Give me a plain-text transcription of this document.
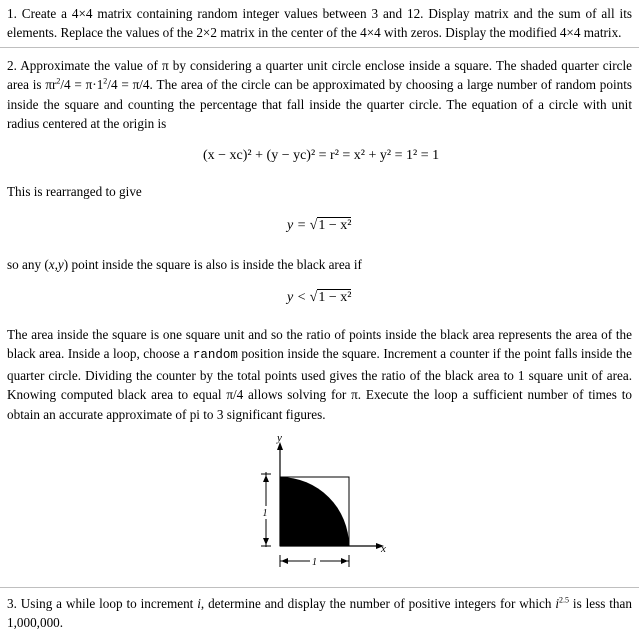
1. Create a 4×4 matrix containing random integer values between 3 and 12. Display matrix and the sum of all its elements. Replace the values of the 2×2 matrix in the center of the 4×4 with zeros. Display the modified 4×4 matrix.
2. Approximate the value of π by considering a quarter unit circle enclose inside a square. The shaded quarter circle area is $\pi r^2/4 = \pi\cdot 1^2/4 = \pi/4$. The area of the circle can be approximated by choosing a large number of random points inside the square and counting the percentage that fall inside the quarter circle. The equation of a circle with unit radius centered at the origin is
(x − xc)² + (y − yc)² = r² = x² + y² = 1² = 1
This is rearranged to give
y = √1 − x²
so any (x,y) point inside the square is also is inside the black area if
y < √1 − x²
The area inside the square is one square unit and so the ratio of points inside the black area represents the area of the black area. Inside a loop, choose a random position inside the square. Increment a counter if the point falls inside the quarter circle. Dividing the counter by the total points used gives the ratio of the black area to 1 square unit of area. Knowing computed black area to equal π/4 allows solving for π. Execute the loop a sufficient number of times to obtain an accurate approximate of pi to 3 significant figures.
y
x
1
1
3. Using a while loop to increment i, determine and display the number of positive integers for which $i^{2.5}$ is less than 1,000,000.
